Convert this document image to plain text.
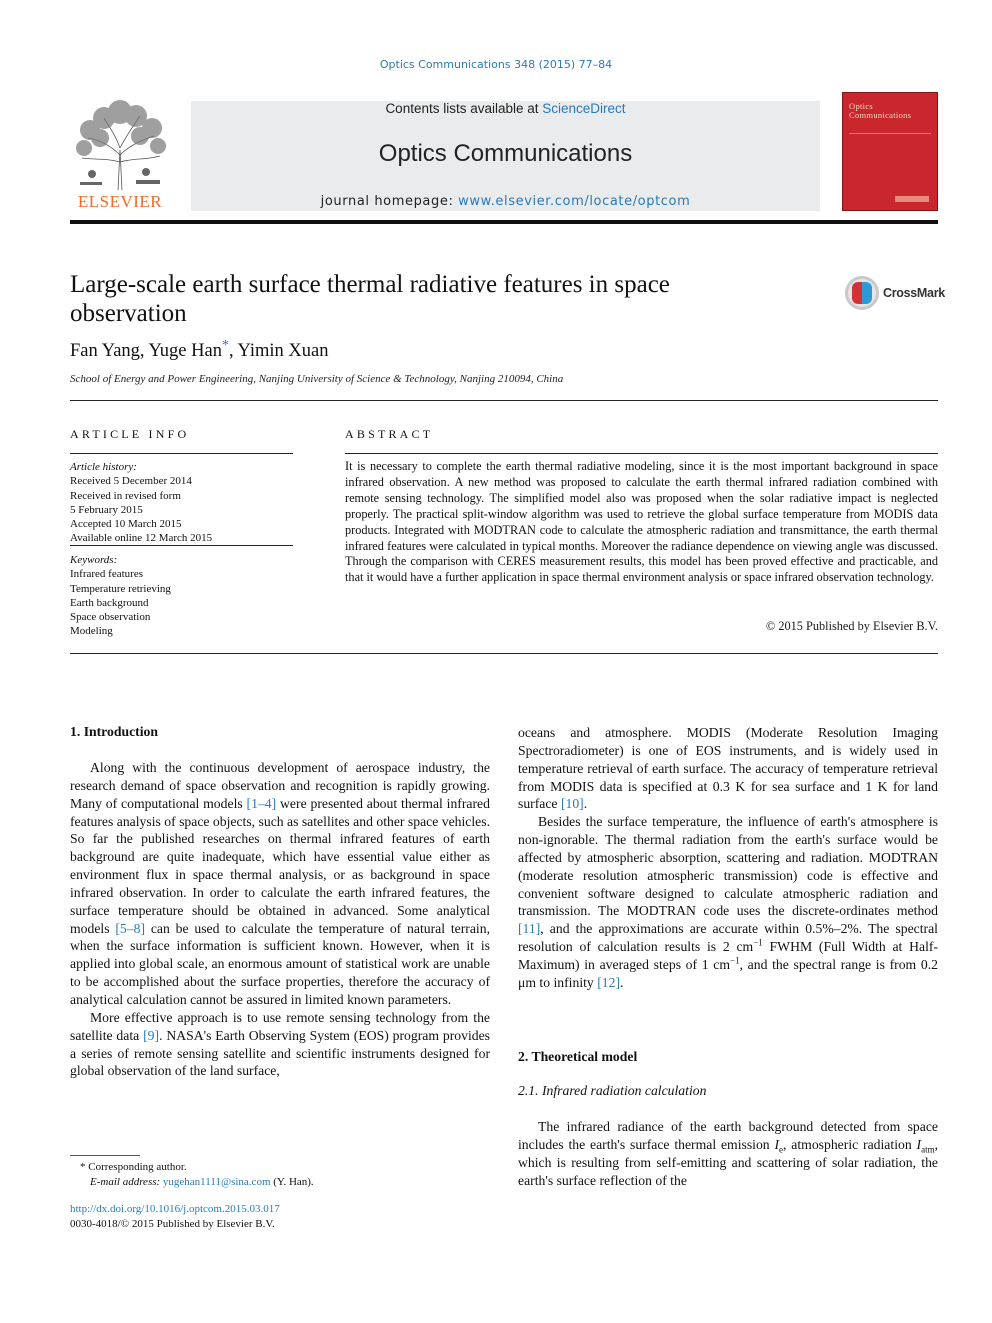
Optics Communications 348 (2015) 77–84
ELSEVIER
Contents lists available at ScienceDirect
Optics Communications
journal homepage: www.elsevier.com/locate/optcom
Optics
Communications
Large-scale earth surface thermal radiative features in space observation
CrossMark
Fan Yang, Yuge Han*, Yimin Xuan
School of Energy and Power Engineering, Nanjing University of Science & Technology, Nanjing 210094, China
ARTICLE INFO
Article history:
Received 5 December 2014
Received in revised form
5 February 2015
Accepted 10 March 2015
Available online 12 March 2015
Keywords:
Infrared features
Temperature retrieving
Earth background
Space observation
Modeling
ABSTRACT
It is necessary to complete the earth thermal radiative modeling, since it is the most important background in space infrared observation. A new method was proposed to calculate the earth thermal infrared radiation combined with remote sensing technology. The simplified model also was proposed when the solar radiative impact is neglected properly. The practical split-window algorithm was used to retrieve the global surface temperature from MODIS data products. Integrated with MODTRAN code to calculate the atmospheric radiation and transmittance, the earth thermal infrared features were calculated in typical months. Moreover the radiance dependence on viewing angle was discussed. Through the comparison with CERES measurement results, this model has been proved effective and practicable, and that it would have a further application in space thermal environment analysis or space infrared observation technology.
© 2015 Published by Elsevier B.V.
1. Introduction

Along with the continuous development of aerospace industry, the research demand of space observation and recognition is rapidly growing. Many of computational models [1–4] were presented about thermal infrared features analysis of space objects, such as satellites and other space vehicles. So far the published researches on thermal infrared features of earth background are quite inadequate, which have essential value either as environment flux in space thermal analysis, or as background in space infrared observation. In order to calculate the earth infrared features, the surface temperature should be obtained in advanced. Some analytical models [5–8] can be used to calculate the temperature of natural terrain, when the surface information is sufficient known. However, when it is applied into global scale, an enormous amount of statistical work are unable to be accomplished about the surface properties, therefore the accuracy of analytical calculation cannot be assured in limited known parameters.

More effective approach is to use remote sensing technology from the satellite data [9]. NASA's Earth Observing System (EOS) program provides a series of remote sensing satellite and scientific instruments designed for global observation of the land surface,

oceans and atmosphere. MODIS (Moderate Resolution Imaging Spectroradiometer) is one of EOS instruments, and is widely used in temperature retrieval of earth surface. The accuracy of temperature retrieval from MODIS data is specified at 0.3 K for sea surface and 1 K for land surface [10].

Besides the surface temperature, the influence of earth's atmosphere is non-ignorable. The thermal radiation from the earth's surface would be affected by atmospheric absorption, scattering and radiation. MODTRAN (moderate resolution atmospheric transmission) code is effective and convenient software designed to calculate atmospheric radiation and transmission. The MODTRAN code uses the discrete-ordinates method [11], and the approximations are accurate within 0.5%–2%. The spectral resolution of calculation results is 2 $cm^{-1}$ FWHM (Full Width at Half-Maximum) in averaged steps of 1 $cm^{-1}$, and the spectral range is from 0.2 μm to infinity [12].

2. Theoretical model
2.1. Infrared radiation calculation

The infrared radiance of the earth background detected from space includes the earth's surface thermal emission $I_e$, atmospheric radiation $I_{atm}$, which is resulting from self-emitting and scattering of solar radiation, the earth's surface reflection of the

* Corresponding author.
E-mail address: yugehan1111@sina.com (Y. Han).
http://dx.doi.org/10.1016/j.optcom.2015.03.017
0030-4018/© 2015 Published by Elsevier B.V.
